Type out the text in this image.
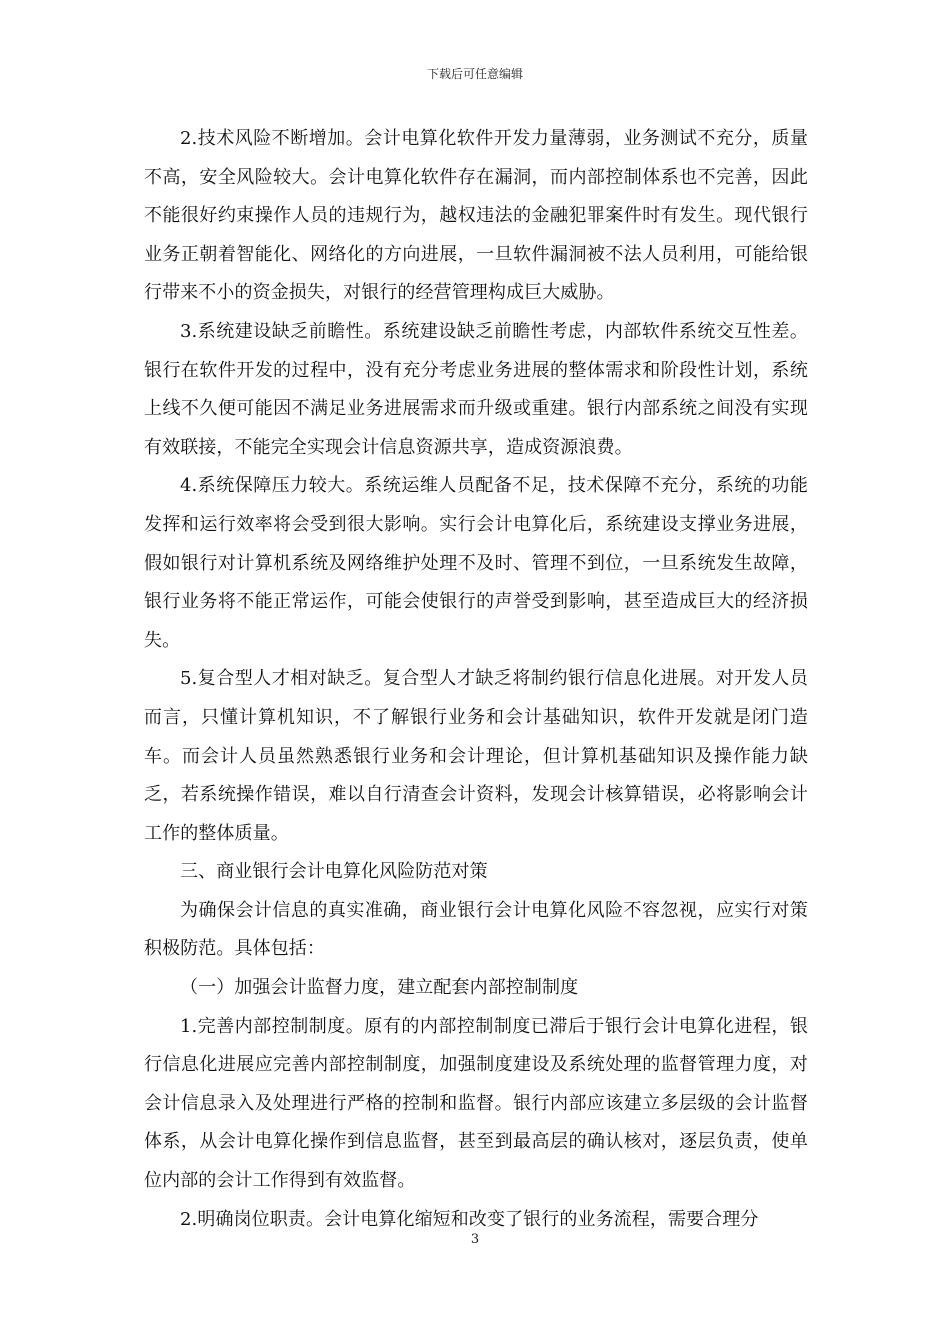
下载后可任意编辑

2.技术风险不断增加。会计电算化软件开发力量薄弱，业务测试不充分，质量不高，安全风险较大。会计电算化软件存在漏洞，而内部控制体系也不完善，因此不能很好约束操作人员的违规行为，越权违法的金融犯罪案件时有发生。现代银行业务正朝着智能化、网络化的方向进展，一旦软件漏洞被不法人员利用，可能给银行带来不小的资金损失，对银行的经营管理构成巨大威胁。

3.系统建设缺乏前瞻性。系统建设缺乏前瞻性考虑，内部软件系统交互性差。银行在软件开发的过程中，没有充分考虑业务进展的整体需求和阶段性计划，系统上线不久便可能因不满足业务进展需求而升级或重建。银行内部系统之间没有实现有效联接，不能完全实现会计信息资源共享，造成资源浪费。

4.系统保障压力较大。系统运维人员配备不足，技术保障不充分，系统的功能发挥和运行效率将会受到很大影响。实行会计电算化后，系统建设支撑业务进展，假如银行对计算机系统及网络维护处理不及时、管理不到位，一旦系统发生故障，银行业务将不能正常运作，可能会使银行的声誉受到影响，甚至造成巨大的经济损失。

5.复合型人才相对缺乏。复合型人才缺乏将制约银行信息化进展。对开发人员而言，只懂计算机知识，不了解银行业务和会计基础知识，软件开发就是闭门造车。而会计人员虽然熟悉银行业务和会计理论，但计算机基础知识及操作能力缺乏，若系统操作错误，难以自行清查会计资料，发现会计核算错误，必将影响会计工作的整体质量。

三、商业银行会计电算化风险防范对策

为确保会计信息的真实准确，商业银行会计电算化风险不容忽视，应实行对策积极防范。具体包括：

（一）加强会计监督力度，建立配套内部控制制度

1.完善内部控制制度。原有的内部控制制度已滞后于银行会计电算化进程，银行信息化进展应完善内部控制制度，加强制度建设及系统处理的监督管理力度，对会计信息录入及处理进行严格的控制和监督。银行内部应该建立多层级的会计监督体系，从会计电算化操作到信息监督，甚至到最高层的确认核对，逐层负责，使单位内部的会计工作得到有效监督。

2.明确岗位职责。会计电算化缩短和改变了银行的业务流程，需要合理分

3
